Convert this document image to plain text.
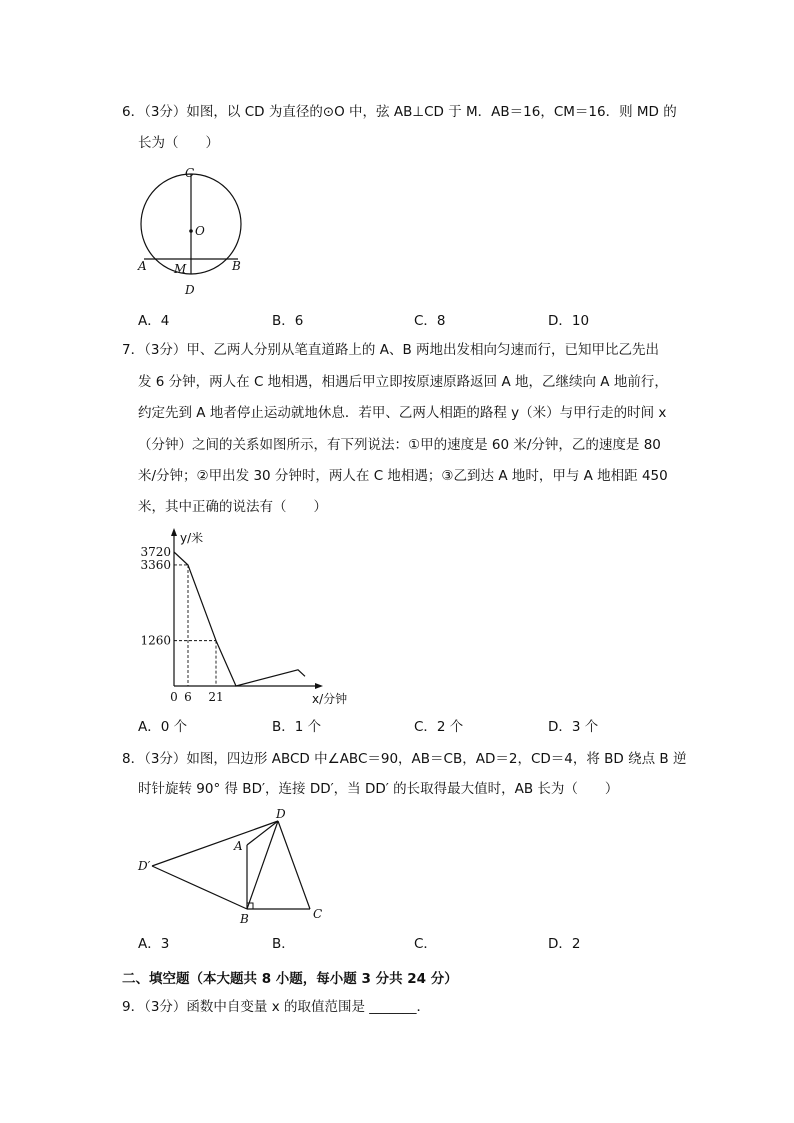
6．（3分）如图，以 CD 为直径的⊙O 中，弦 AB⊥CD 于 M．AB＝16，CM＝16．则 MD 的
长为（　　）
C
O
A M	B
D
A．4	B．6	C．8	D．10
7．（3分）甲、乙两人分别从笔直道路上的 A、B 两地出发相向匀速而行，已知甲比乙先出
发 6 分钟，两人在 C 地相遇，相遇后甲立即按原速原路返回 A 地，乙继续向 A 地前行，
约定先到 A 地者停止运动就地休息．若甲、乙两人相距的路程 y（米）与甲行走的时间 x
（分钟）之间的关系如图所示，有下列说法：①甲的速度是 60 米/分钟，乙的速度是 80
米/分钟；②甲出发 30 分钟时，两人在 C 地相遇；③乙到达 A 地时，甲与 A 地相距 450
米，其中正确的说法有（　　）
y/米
x/分钟
3720
3360
1260
0 6 21
A．0 个	B．1 个	C．2 个	D．3 个
8．（3分）如图，四边形 ABCD 中∠ABC＝90，AB＝CB，AD＝2，CD＝4，将 BD 绕点 B 逆
时针旋转 90° 得 BD′，连接 DD′，当 DD′ 的长取得最大值时，AB 长为（　　）
D
A
D′
B	C
A．3	B．	C．	D．2
二、填空题（本大题共 8 小题，每小题 3 分共 24 分）
9．（3分）函数中自变量 x 的取值范围是 _______．
